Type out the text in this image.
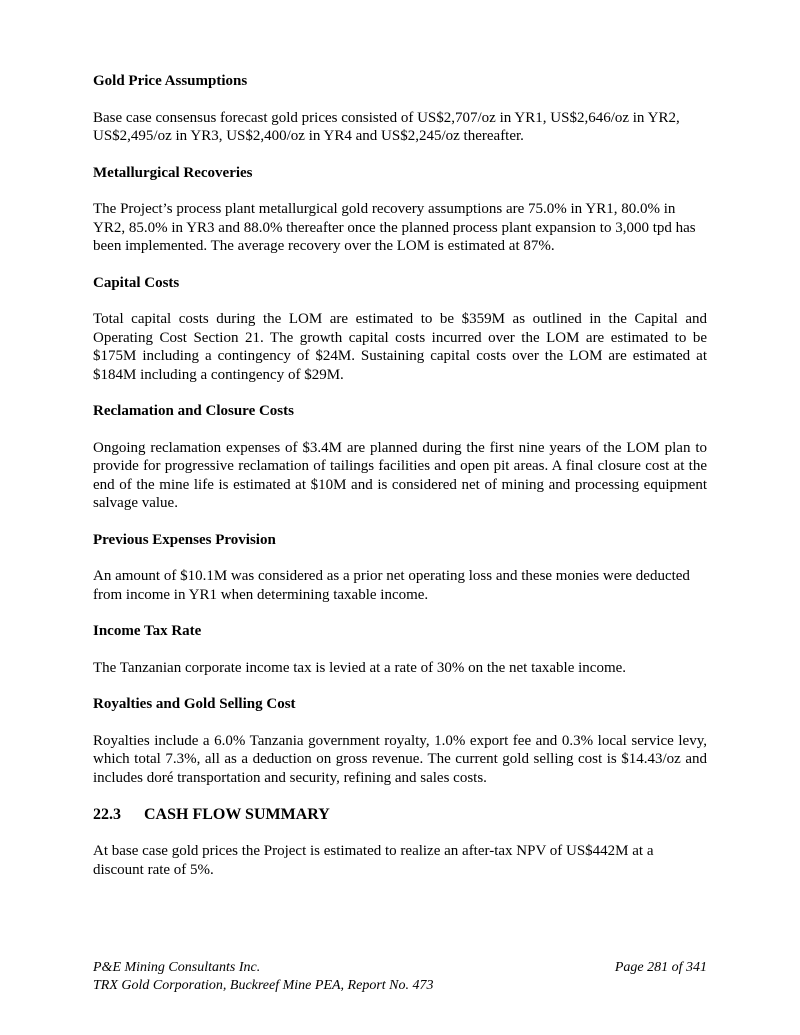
Gold Price Assumptions

Base case consensus forecast gold prices consisted of US$2,707/oz in YR1, US$2,646/oz in YR2, US$2,495/oz in YR3, US$2,400/oz in YR4 and US$2,245/oz thereafter.

Metallurgical Recoveries

The Project’s process plant metallurgical gold recovery assumptions are 75.0% in YR1, 80.0% in YR2, 85.0% in YR3 and 88.0% thereafter once the planned process plant expansion to 3,000 tpd has been implemented. The average recovery over the LOM is estimated at 87%.

Capital Costs

Total capital costs during the LOM are estimated to be $359M as outlined in the Capital and Operating Cost Section 21. The growth capital costs incurred over the LOM are estimated to be $175M including a contingency of $24M. Sustaining capital costs over the LOM are estimated at $184M including a contingency of $29M.

Reclamation and Closure Costs

Ongoing reclamation expenses of $3.4M are planned during the first nine years of the LOM plan to provide for progressive reclamation of tailings facilities and open pit areas. A final closure cost at the end of the mine life is estimated at $10M and is considered net of mining and processing equipment salvage value.

Previous Expenses Provision

An amount of $10.1M was considered as a prior net operating loss and these monies were deducted from income in YR1 when determining taxable income.

Income Tax Rate

The Tanzanian corporate income tax is levied at a rate of 30% on the net taxable income.

Royalties and Gold Selling Cost

Royalties include a 6.0% Tanzania government royalty, 1.0% export fee and 0.3% local service levy, which total 7.3%, all as a deduction on gross revenue. The current gold selling cost is $14.43/oz and includes doré transportation and security, refining and sales costs.

22.3 CASH FLOW SUMMARY

At base case gold prices the Project is estimated to realize an after-tax NPV of US$442M at a discount rate of 5%.

P&E Mining Consultants Inc.
TRX Gold Corporation, Buckreef Mine PEA, Report No. 473
Page 281 of 341
